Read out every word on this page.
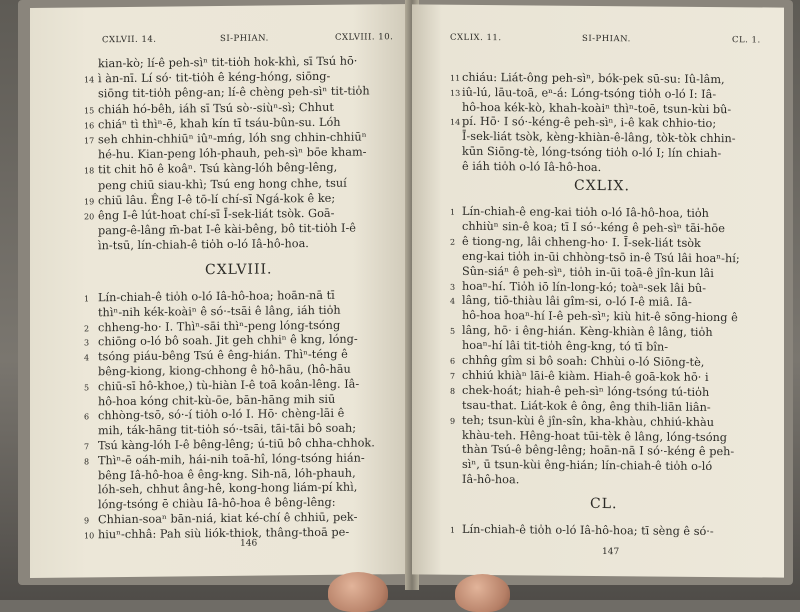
CXLVII. 14.	SI-PHIAN.	CXLVIII. 10.
kian-kò; lí-ê peh-sìⁿ tit-tio̍h hok-khì, sī Tsú hō·
14 ì àn-nī. Lí só· tit-tio̍h ê kéng-hóng, siōng-
siōng tit-tio̍h pêng-an; lí-ê chèng peh-sìⁿ tit-tio̍h
15 chiáh hó-bêh, iáh sī Tsú sò·-siùⁿ-sì; Chhut
16 chiáⁿ tì thìⁿ-ē, khah kín tī tsáu-bûn-su. Lóh
17 seh chhin-chhiūⁿ iûⁿ-mńg, lóh sng chhin-chhiūⁿ
hé-hu. Kian-peng lóh-phauh, peh-sìⁿ bōe kham-
18 tit chit hō ê koâⁿ. Tsú kàng-lóh bêng-lêng,
peng chiū siau-khì; Tsú eng hong chhe, tsuí
19 chiū lâu. Êng I-ê tō-lí chí-sī Ngá-kok ê ke;
20 êng I-ê lút-hoat chí-sī Ī-sek-liát tsòk. Goā-
pang-ê-lâng m̄-bat I-ê kài-bêng, bô tit-tio̍h I-ê
ìn-tsū, lín-chiah-ê tio̍h o-ló Iâ-hô-hoa.
CXLVIII.
1 Lín-chiah-ê tio̍h o-ló Iâ-hô-hoa; hoān-nā tī
thìⁿ-nih kék-koàiⁿ ê só·-tsāi ê lâng, iáh tio̍h
2 chheng-ho· I. Thìⁿ-sāi thìⁿ-peng lóng-tsóng
3 chiōng o-ló bô soah. Jit geh chhiⁿ ê kng, lóng-
4 tsóng piáu-bêng Tsú ê êng-hián. Thìⁿ-téng ê
bêng-kiong, kiong-chhong ê hô-hāu, (hô-hāu
5 chiū-sī hô-khoe,) tù-hiàn I-ê toā koân-lêng. Iâ-
hô-hoa kóng chit-kù-ōe, bān-hāng mih siū
6 chhòng-tsō, só·-í tio̍h o-ló I. Hō· chèng-lāi ê
mih, ták-hāng tit-tio̍h só·-tsāi, tāi-tāi bô soah;
7 Tsú kàng-lóh I-ê bêng-lêng; ú-tiū bô chha-chhok.
8 Thìⁿ-ē oáh-mih, hái-nih toā-hî, lóng-tsóng hián-
bêng Iâ-hô-hoa ê êng-kng. Sih-nā, lóh-phauh,
lóh-seh, chhut âng-hê, kong-hong liám-pí khì,
lóng-tsóng ē chiàu Iâ-hô-hoa ê bêng-lêng:
9 Chhian-soaⁿ bān-niá, kiat ké-chí ê chhiū, pek-
10 hiuⁿ-chhâ: Pah siù liók-thiok, thâng-thoā pe-
146
CXLIX. 11.	SI-PHIAN.	CL. 1.
11 chiáu: Liát-ông peh-sìⁿ, bók-pek sū-su: Iû-lâm,
13 iû-lú, lāu-toā, eⁿ-á: Lóng-tsóng tio̍h o-ló I: Iâ-
hô-hoa kék-kò, khah-koàiⁿ thìⁿ-toē, tsun-kùi bû-
14 pí. Hō· I só·-kéng-ê peh-sìⁿ, i-ê kak chhio-tio;
Ī-sek-liát tsòk, kèng-khiàn-ê-lâng, tòk-tòk chhin-
kūn Siōng-tè, lóng-tsóng tio̍h o-ló I; lín chiah-
ê iáh tio̍h o-ló Iâ-hô-hoa.
CXLIX.
1 Lín-chiah-ê eng-kai tio̍h o-ló Iâ-hô-hoa, tio̍h
chhiùⁿ sin-ê koa; tī I só·-kéng ê peh-sìⁿ tāi-hōe
2 ê tiong-ng, lâi chheng-ho· I. Ī-sek-liát tsòk
eng-kai tio̍h in-ūi chhòng-tsō in-ê Tsú lâi hoaⁿ-hí;
Sûn-siáⁿ ê peh-sìⁿ, tio̍h in-ūi toā-ê jîn-kun lâi
3 hoaⁿ-hí. Tio̍h iō lín-long-kó; toàⁿ-sek lâi bû-
4 lâng, tiō-thiàu lâi gîm-si, o-ló I-ê miâ. Iâ-
hô-hoa hoaⁿ-hí I-ê peh-sìⁿ; kiù hit-ê sōng-hiong ê
5 lâng, hō· i êng-hián. Kèng-khiàn ê lâng, tio̍h
hoaⁿ-hí lâi tit-tio̍h êng-kng, tó tī bîn-
6 chhn̂g gîm si bô soah: Chhùi o-ló Siōng-tè,
7 chhiú khiàⁿ lāi-ê kiàm. Hiah-ê goā-kok hō· i
8 chek-hoát; hiah-ê peh-sìⁿ lóng-tsóng tú-tio̍h
tsau-that. Liát-kok ê ông, êng thih-liān liân-
9 teh; tsun-kùi ê jîn-sîn, kha-khàu, chhiú-khàu
khàu-teh. Hêng-hoat tūi-tèk ê lâng, lóng-tsóng
thàn Tsú-ê bêng-lêng; hoān-nā I só·-kéng ê peh-
sìⁿ, ū tsun-kùi êng-hián; lín-chiah-ê tio̍h o-ló
Iâ-hô-hoa.
CL.
1 Lín-chiah-ê tio̍h o-ló Iâ-hô-hoa; tī sèng ê só·-
147
